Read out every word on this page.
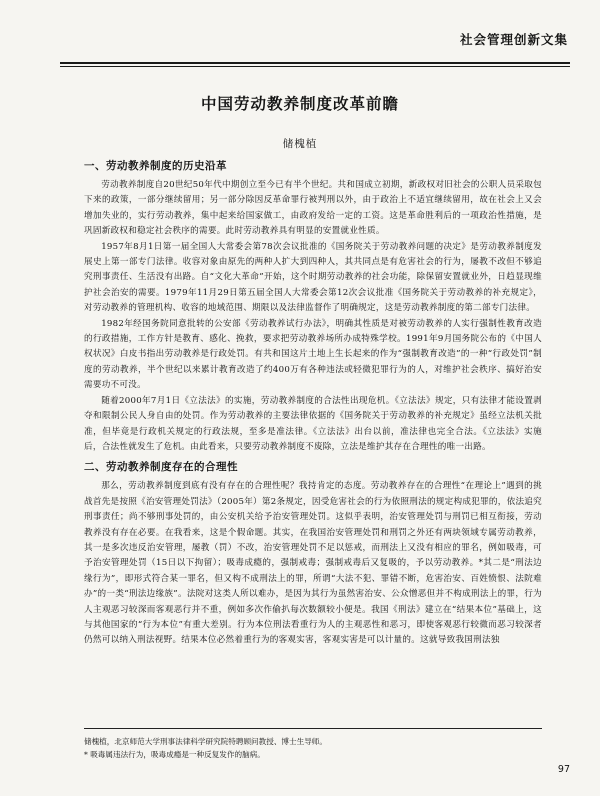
社会管理创新文集
中国劳动教养制度改革前瞻
储槐植
一、劳动教养制度的历史沿革

劳动教养制度自20世纪50年代中期创立至今已有半个世纪。共和国成立初期，新政权对旧社会的公职人员采取包下来的政策，一部分继续留用；另一部分除因反革命罪行被判刑以外，由于政治上不适宜继续留用，故在社会上又会增加失业的，实行劳动教养，集中起来给国家做工，由政府发给一定的工资。这是革命胜利后的一项政治性措施，是巩固新政权和稳定社会秩序的需要。此时劳动教养具有明显的安置就业性质。

1957年8月1日第一届全国人大常委会第78次会议批准的《国务院关于劳动教养问题的决定》是劳动教养制度发展史上第一部专门法律。收容对象由原先的两种人扩大到四种人，其共同点是有危害社会的行为，屡教不改但不够追究刑事责任、生活没有出路。自“文化大革命”开始，这个时期劳动教养的社会功能，除保留安置就业外，日趋显现维护社会治安的需要。1979年11月29日第五届全国人大常委会第12次会议批准《国务院关于劳动教养的补充规定》，对劳动教养的管理机构、收容的地域范围、期限以及法律监督作了明确规定，这是劳动教养制度的第二部专门法律。

1982年经国务院同意批转的公安部《劳动教养试行办法》，明确其性质是对被劳动教养的人实行强制性教育改造的行政措施，工作方针是教育、感化、挽救，要求把劳动教养场所办成特殊学校。1991年9月国务院公布的《中国人权状况》白皮书指出劳动教养是行政处罚。有共和国这片土地上生长起来的作为“强制教育改造”的一种“行政处罚”制度的劳动教养，半个世纪以来累计教育改造了约400万有各种违法或轻微犯罪行为的人，对维护社会秩序、搞好治安需要功不可没。

随着2000年7月1日《立法法》的实施，劳动教养制度的合法性出现危机。《立法法》规定，只有法律才能设置剥夺和限制公民人身自由的处罚。作为劳动教养的主要法律依据的《国务院关于劳动教养的补充规定》虽经立法机关批准，但毕竟是行政机关规定的行政法规，至多是准法律。《立法法》出台以前，准法律也完全合法。《立法法》实施后，合法性就发生了危机。由此看来，只要劳动教养制度不废除，立法是维护其存在合理性的唯一出路。

二、劳动教养制度存在的合理性

那么，劳动教养制度到底有没有存在的合理性呢？我持肯定的态度。劳动教养存在的合理性“在理论上”遇到的挑战首先是按照《治安管理处罚法》（2005年）第2条规定，因受危害社会的行为依照刑法的规定构成犯罪的，依法追究刑事责任；尚不够刑事处罚的，由公安机关给予治安管理处罚。这似乎表明，治安管理处罚与刑罚已相互衔接，劳动教养没有存在必要。在我看来，这是个假命题。其实，在我国治安管理处罚和刑罚之外还有两块领域专属劳动教养，其一是多次违反治安管理，屡教（罚）不改，治安管理处罚不足以惩戒，而刑法上又没有相应的罪名，例如吸毒，可予治安管理处罚（15日以下拘留）；吸毒成瘾的，强制戒毒；强制戒毒后又复吸的，予以劳动教养。*其二是“刑法边缘行为”，即形式符合某一罪名，但又构不成刑法上的罪，所谓“大法不犯、罪错不断，危害治安、百姓愤恨、法院难办”的一类“刑法边缘族”。法院对这类人所以难办，是因为其行为虽然害治安、公众憎恶但并不构成刑法上的罪，行为人主观恶习较深而客观恶行并不重，例如多次作偷扒每次数额较小便是。我国《刑法》建立在“结果本位”基础上，这与其他国家的“行为本位”有重大差别。行为本位刑法看重行为人的主观恶性和恶习，即使客观恶行较微而恶习较深者仍然可以纳入刑法视野。结果本位必然着重行为的客观实害，客观实害是可以计量的。这就导致我国刑法独

储槐植，北京师范大学刑事法律科学研究院特聘顾问教授、博士生导师。
* 吸毒属违法行为，吸毒成瘾是一种反复发作的脑病。
97
